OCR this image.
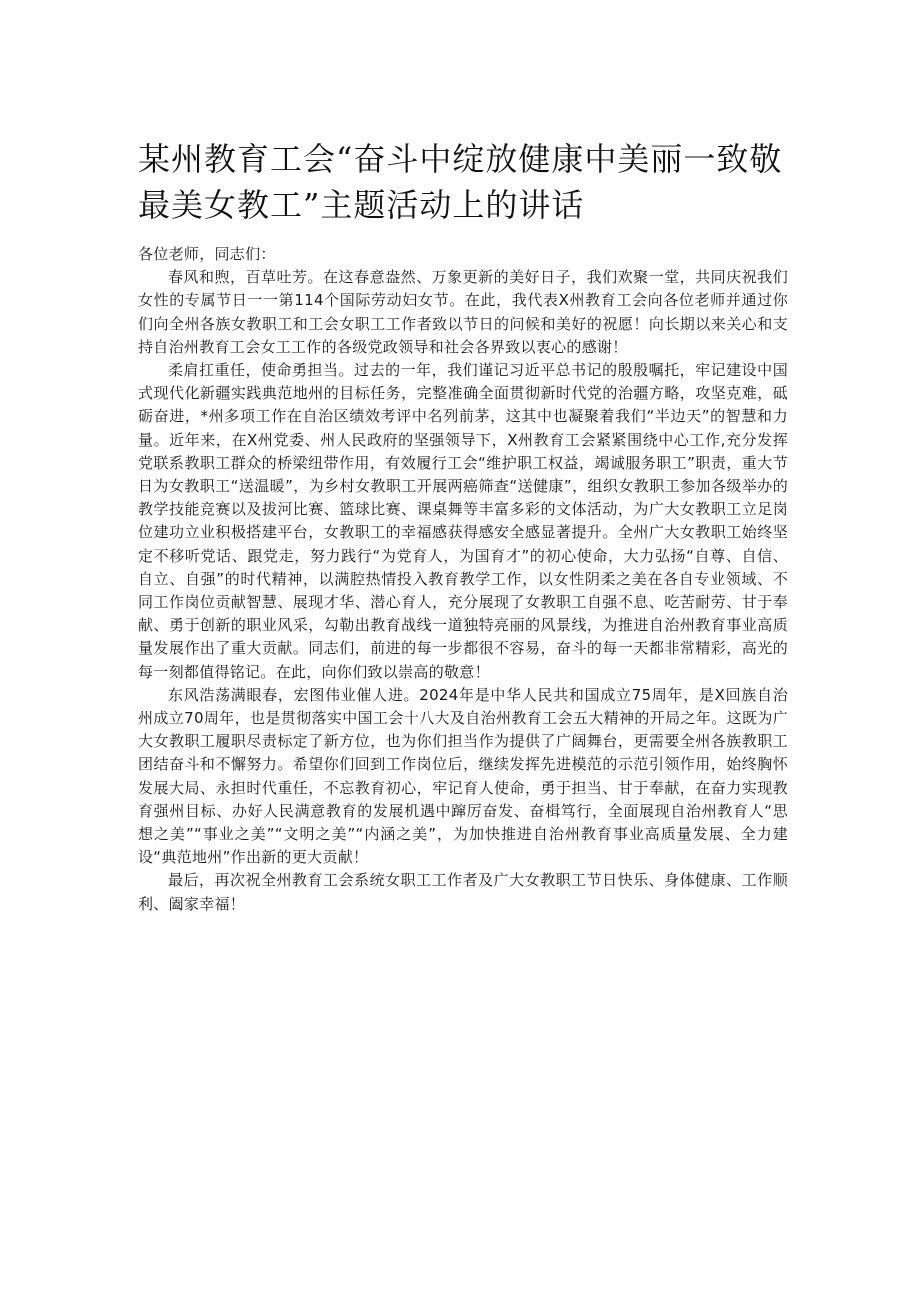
某州教育工会“奋斗中绽放健康中美丽一致敬最美女教工”主题活动上的讲话

各位老师，同志们：

春风和煦，百草吐芳。在这春意盎然、万象更新的美好日子，我们欢聚一堂，共同庆祝我们女性的专属节日一一第114个国际劳动妇女节。在此，我代表X州教育工会向各位老师并通过你们向全州各族女教职工和工会女职工工作者致以节日的问候和美好的祝愿！向长期以来关心和支持自治州教育工会女工工作的各级党政领导和社会各界致以衷心的感谢！

柔肩扛重任，使命勇担当。过去的一年，我们谨记习近平总书记的殷殷嘱托，牢记建设中国式现代化新疆实践典范地州的目标任务，完整准确全面贯彻新时代党的治疆方略，攻坚克难，砥砺奋进，*州多项工作在自治区绩效考评中名列前茅，这其中也凝聚着我们“半边天”的智慧和力量。近年来，在X州党委、州人民政府的坚强领导下，X州教育工会紧紧围绕中心工作,充分发挥党联系教职工群众的桥梁纽带作用，有效履行工会“维护职工权益，竭诚服务职工”职责，重大节日为女教职工“送温暖”，为乡村女教职工开展两癌筛查“送健康”，组织女教职工参加各级举办的教学技能竞赛以及拔河比赛、篮球比赛、课桌舞等丰富多彩的文体活动，为广大女教职工立足岗位建功立业积极搭建平台，女教职工的幸福感获得感安全感显著提升。全州广大女教职工始终坚定不移听党话、跟党走，努力践行“为党育人，为国育才”的初心使命，大力弘扬“自尊、自信、自立、自强”的时代精神，以满腔热情投入教育教学工作，以女性阴柔之美在各自专业领域、不同工作岗位贡献智慧、展现才华、潜心育人，充分展现了女教职工自强不息、吃苦耐劳、甘于奉献、勇于创新的职业风采，勾勒出教育战线一道独特亮丽的风景线，为推进自治州教育事业高质量发展作出了重大贡献。同志们，前进的每一步都很不容易，奋斗的每一天都非常精彩，高光的每一刻都值得铭记。在此，向你们致以崇高的敬意！

东风浩荡满眼春，宏图伟业催人进。2024年是中华人民共和国成立75周年，是X回族自治州成立70周年，也是贯彻落实中国工会十八大及自治州教育工会五大精神的开局之年。这既为广大女教职工履职尽责标定了新方位，也为你们担当作为提供了广阔舞台，更需要全州各族教职工团结奋斗和不懈努力。希望你们回到工作岗位后，继续发挥先进模范的示范引领作用，始终胸怀发展大局、永担时代重任，不忘教育初心，牢记育人使命，勇于担当、甘于奉献，在奋力实现教育强州目标、办好人民满意教育的发展机遇中蹿厉奋发、奋楫笃行，全面展现自治州教育人“思想之美”“事业之美”“文明之美”“内涵之美”，为加快推进自治州教育事业高质量发展、全力建设“典范地州”作出新的更大贡献！

最后，再次祝全州教育工会系统女职工工作者及广大女教职工节日快乐、身体健康、工作顺利、阖家幸福！
